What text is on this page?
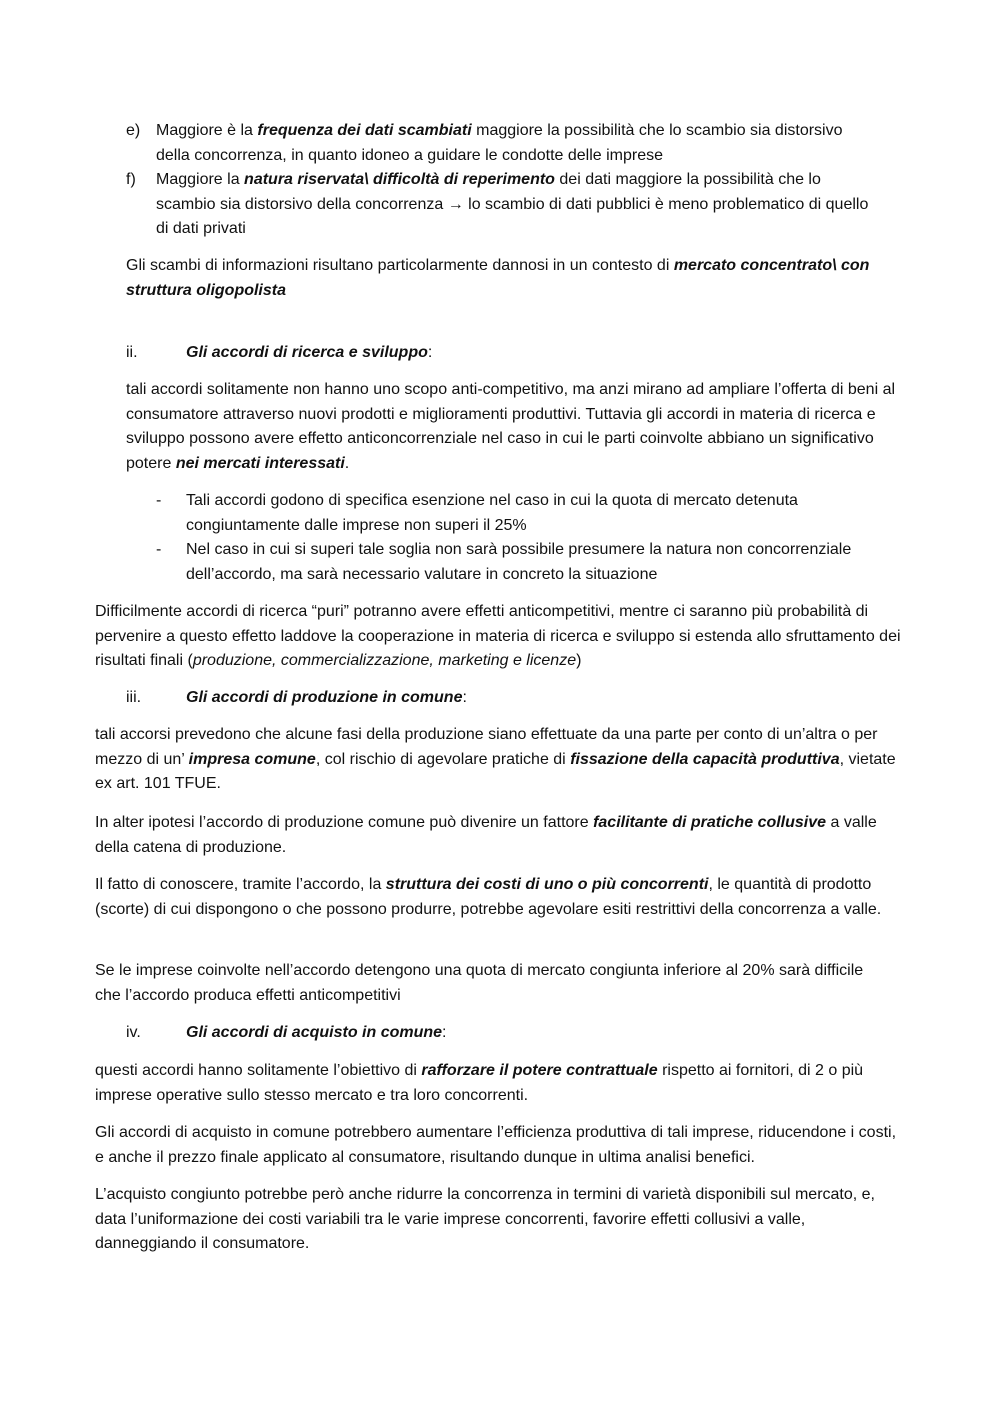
e) Maggiore è la frequenza dei dati scambiati maggiore la possibilità che lo scambio sia distorsivo della concorrenza, in quanto idoneo a guidare le condotte delle imprese
f) Maggiore la natura riservata\ difficoltà di reperimento dei dati maggiore la possibilità che lo scambio sia distorsivo della concorrenza → lo scambio di dati pubblici è meno problematico di quello di dati privati
Gli scambi di informazioni risultano particolarmente dannosi in un contesto di mercato concentrato\ con struttura oligopolista
ii.	Gli accordi di ricerca e sviluppo:
tali accordi solitamente non hanno uno scopo anti-competitivo, ma anzi mirano ad ampliare l’offerta di beni al consumatore attraverso nuovi prodotti e miglioramenti produttivi. Tuttavia gli accordi in materia di ricerca e sviluppo possono avere effetto anticoncorrenziale nel caso in cui le parti coinvolte abbiano un significativo potere nei mercati interessati.
- Tali accordi godono di specifica esenzione nel caso in cui la quota di mercato detenuta congiuntamente dalle imprese non superi il 25%
- Nel caso in cui si superi tale soglia non sarà possibile presumere la natura non concorrenziale dell’accordo, ma sarà necessario valutare in concreto la situazione
Difficilmente accordi di ricerca “puri” potranno avere effetti anticompetitivi, mentre ci saranno più probabilità di pervenire a questo effetto laddove la cooperazione in materia di ricerca e sviluppo si estenda allo sfruttamento dei risultati finali (produzione, commercializzazione, marketing e licenze)
iii.	Gli accordi di produzione in comune:
tali accorsi prevedono che alcune fasi della produzione siano effettuate da una parte per conto di un’altra o per mezzo di un’ impresa comune, col rischio di agevolare pratiche di fissazione della capacità produttiva, vietate ex art. 101 TFUE.
In alter ipotesi l’accordo di produzione comune può divenire un fattore facilitante di pratiche collusive a valle della catena di produzione.
Il fatto di conoscere, tramite l’accordo, la struttura dei costi di uno o più concorrenti, le quantità di prodotto (scorte) di cui dispongono o che possono produrre, potrebbe agevolare esiti restrittivi della concorrenza a valle.
Se le imprese coinvolte nell’accordo detengono una quota di mercato congiunta inferiore al 20% sarà difficile che l’accordo produca effetti anticompetitivi
iv.	Gli accordi di acquisto in comune:
questi accordi hanno solitamente l’obiettivo di rafforzare il potere contrattuale rispetto ai fornitori, di 2 o più imprese operative sullo stesso mercato e tra loro concorrenti.
Gli accordi di acquisto in comune potrebbero aumentare l’efficienza produttiva di tali imprese, riducendone i costi, e anche il prezzo finale applicato al consumatore, risultando dunque in ultima analisi benefici.
L’acquisto congiunto potrebbe però anche ridurre la concorrenza in termini di varietà disponibili sul mercato, e, data l’uniformazione dei costi variabili tra le varie imprese concorrenti, favorire effetti collusivi a valle, danneggiando il consumatore.
